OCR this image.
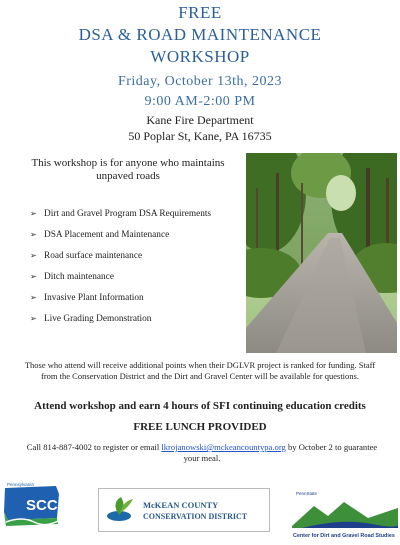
FREE
DSA & ROAD MAINTENANCE
WORKSHOP
Friday, October 13th, 2023
9:00 AM-2:00 PM
Kane Fire Department
50 Poplar St, Kane, PA 16735
This workshop is for anyone who maintains unpaved roads
➢ Dirt and Gravel Program DSA Requirements
➢ DSA Placement and Maintenance
➢ Road surface maintenance
➢ Ditch maintenance
➢ Invasive Plant Information
➢ Live Grading Demonstration
Those who attend will receive additional points when their DGLVR project is ranked for funding. Staff from the Conservation District and the Dirt and Gravel Center will be available for questions.
Attend workshop and earn 4 hours of SFI continuing education credits
FREE LUNCH PROVIDED
Call 814-887-4002 to register or email lkrojanowski@mckeancountypa.org by October 2 to guarantee your meal.
Pennsylvania
SCC	McKEAN COUNTY
CONSERVATION DISTRICT
PennState
Center for Dirt and Gravel Road Studies
